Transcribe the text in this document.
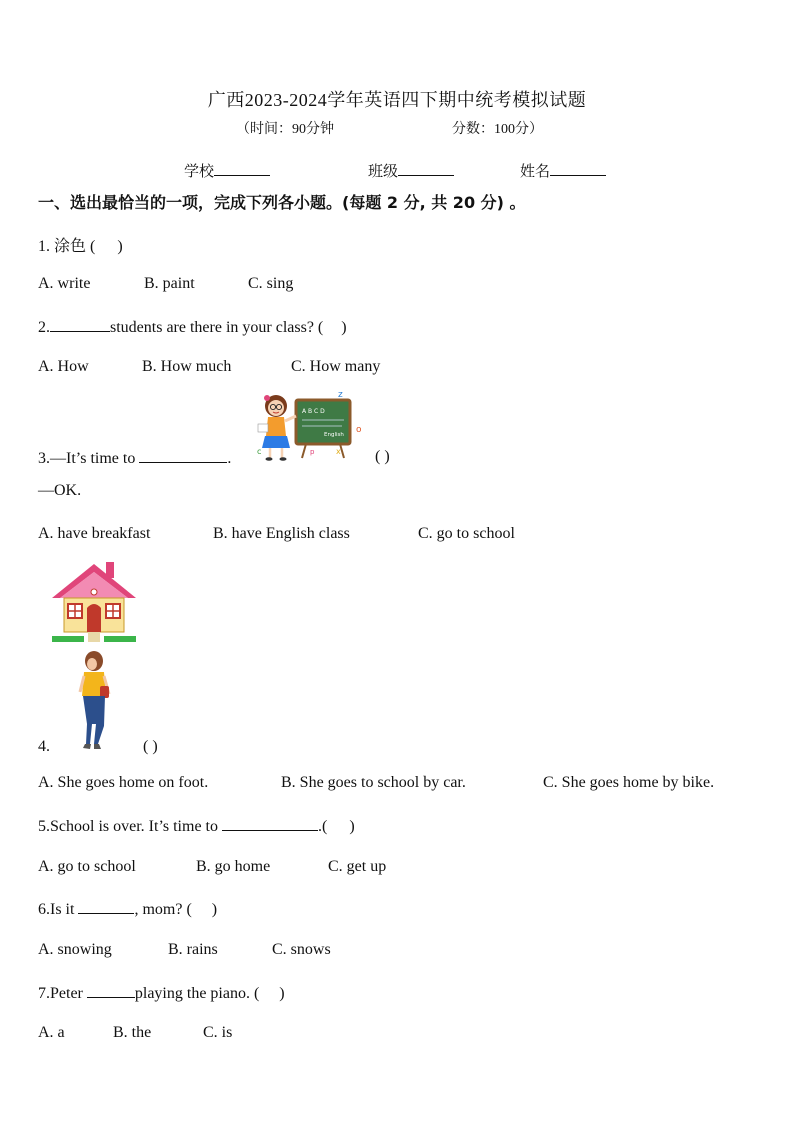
广西2023-2024学年英语四下期中统考模拟试题
（时间：90分钟	分数：100分）
学校	班级	姓名
一、选出最恰当的一项，完成下列各小题。(每题 2 分, 共 20 分) 。
1. 涂色 ( )
A. write	B. paint	C. sing
2.	students are there in your class? ( )
A. How	B. How much	C. How many
A B C D
English
z
o
c	p	x
3.—It’s time to	.	( )
—OK.
A. have breakfast	B. have English class	C. go to school
4.	( )
A. She goes home on foot.	B. She goes to school by car.	C. She goes home by bike.
5.School is over. It’s time to	.( )
A. go to school	B. go home	C. get up
6.Is it	, mom? ( )
A. snowing	B. rains	C. snows
7.Peter	playing the piano. ( )
A. a	B. the	C. is
